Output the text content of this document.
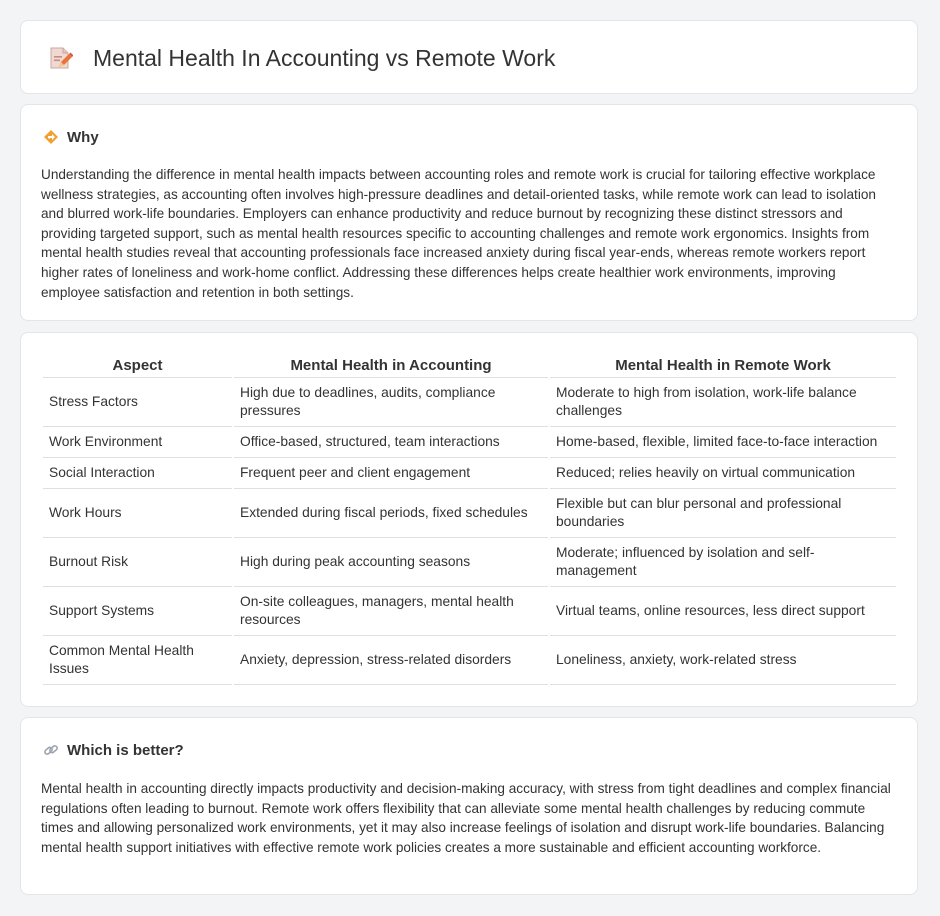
Mental Health In Accounting vs Remote Work
Why

Understanding the difference in mental health impacts between accounting roles and remote work is crucial for tailoring effective workplace wellness strategies, as accounting often involves high-pressure deadlines and detail-oriented tasks, while remote work can lead to isolation and blurred work-life boundaries. Employers can enhance productivity and reduce burnout by recognizing these distinct stressors and providing targeted support, such as mental health resources specific to accounting challenges and remote work ergonomics. Insights from mental health studies reveal that accounting professionals face increased anxiety during fiscal year-ends, whereas remote workers report higher rates of loneliness and work-home conflict. Addressing these differences helps create healthier work environments, improving employee satisfaction and retention in both settings.

Aspect	Mental Health in Accounting	Mental Health in Remote Work
Stress Factors	High due to deadlines, audits, compliance pressures	Moderate to high from isolation, work-life balance challenges
Work Environment	Office-based, structured, team interactions	Home-based, flexible, limited face-to-face interaction
Social Interaction	Frequent peer and client engagement	Reduced; relies heavily on virtual communication
Work Hours	Extended during fiscal periods, fixed schedules	Flexible but can blur personal and professional boundaries
Burnout Risk	High during peak accounting seasons	Moderate; influenced by isolation and self-management
Support Systems	On-site colleagues, managers, mental health resources	Virtual teams, online resources, less direct support
Common Mental Health Issues	Anxiety, depression, stress-related disorders	Loneliness, anxiety, work-related stress
Which is better?

Mental health in accounting directly impacts productivity and decision-making accuracy, with stress from tight deadlines and complex financial regulations often leading to burnout. Remote work offers flexibility that can alleviate some mental health challenges by reducing commute times and allowing personalized work environments, yet it may also increase feelings of isolation and disrupt work-life boundaries. Balancing mental health support initiatives with effective remote work policies creates a more sustainable and efficient accounting workforce.
